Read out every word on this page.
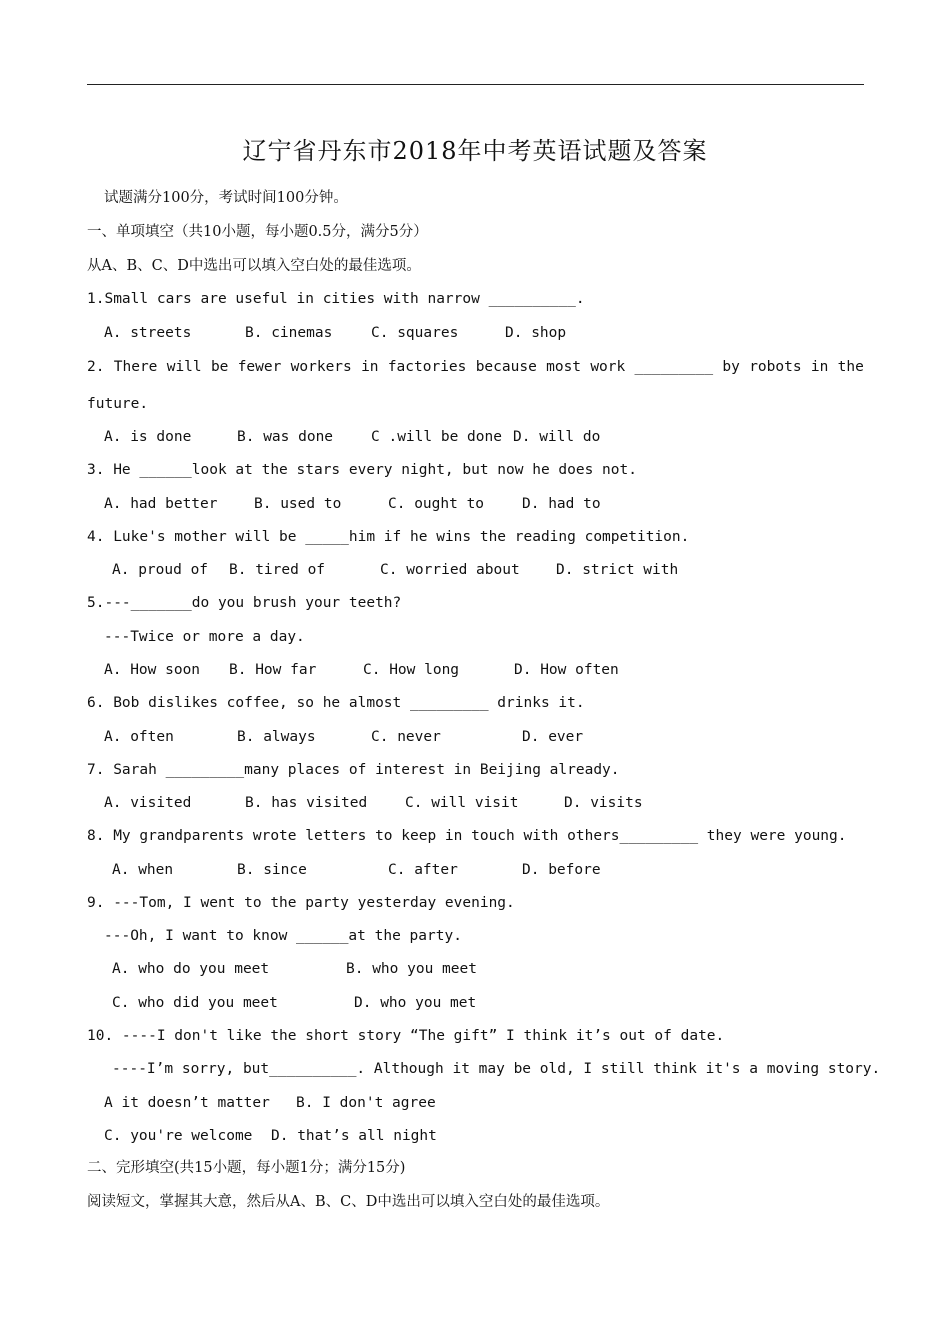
辽宁省丹东市2018年中考英语试题及答案
试题满分100分，考试时间100分钟。
一、单项填空（共10小题，每小题0.5分，满分5分）
从A、B、C、D中选出可以填入空白处的最佳选项。
1.Small cars are useful in cities with narrow __________.
A. streets	B. cinemas	C. squares	D. shop
2. There will be fewer workers in factories because most work _________ by robots in the
future.
A. is done	B. was done	C .will be done D. will do
3. He ______look at the stars every night, but now he does not.
A. had better	B. used to	C. ought to	D. had to
4. Luke's mother will be _____him if he wins the reading competition.
A. proud of B. tired of	C. worried about	D. strict with
5.---_______do you brush your teeth?
---Twice or more a day.
A. How soon B. How far	C. How long	D. How often
6. Bob dislikes coffee, so he almost _________ drinks it.
A. often	B. always	C. never	D. ever
7. Sarah _________many places of interest in Beijing already.
A. visited	B. has visited	C. will visit	D. visits
8. My grandparents wrote letters to keep in touch with others_________ they were young.
A. when	B. since	C. after	D. before
9. ---Tom, I went to the party yesterday evening.
---Oh, I want to know ______at the party.
A. who do you meet	B. who you meet
C. who did you meet	D. who you met
10. ----I don't like the short story “The gift” I think it’s out of date.
----I’m sorry, but__________. Although it may be old, I still think it's a moving story.
A it doesn’t matter B. I don't agree
C. you're welcome D. that’s all night
二、完形填空(共15小题，每小题1分；满分15分)
阅读短文，掌握其大意，然后从A、B、C、D中选出可以填入空白处的最佳选项。
